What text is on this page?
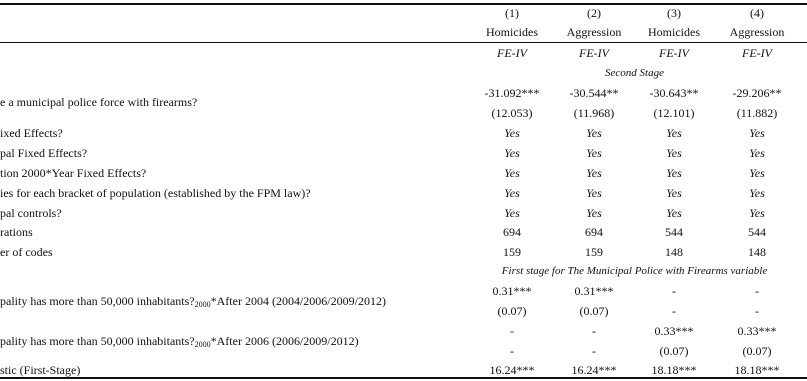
(1)	(2)	(3)	(4)
Homicides	Aggression	Homicides	Aggression
FE-IV	FE-IV	FE-IV	FE-IV
Second Stage
e a municipal police force with firearms?
-31.092***	-30.544**	-30.643**	-29.206**
(12.053)	(11.968)	(12.101)	(11.882)
ixed Effects?	Yes	Yes	Yes	Yes
pal Fixed Effects?	Yes	Yes	Yes	Yes
tion 2000*Year Fixed Effects?	Yes	Yes	Yes	Yes
ies for each bracket of population (established by the FPM law)?	Yes	Yes	Yes	Yes
pal controls?	Yes	Yes	Yes	Yes
rations	694	694	544	544
er of codes	159	159	148	148
First stage for The Municipal Police with Firearms variable
pality has more than 50,000 $inhabitants?_{2000}*After$ 2004 (2004/2006/2009/2012)
0.31***	0.31***	-	-
(0.07)	(0.07)	-	-
pality has more than 50,000 $inhabitants?_{2000}*After$ 2006 (2006/2009/2012)
-	-	0.33***	0.33***
-	-	(0.07)	(0.07)
stic (First-Stage)	16.24***	16.24***	18.18***	18.18***
